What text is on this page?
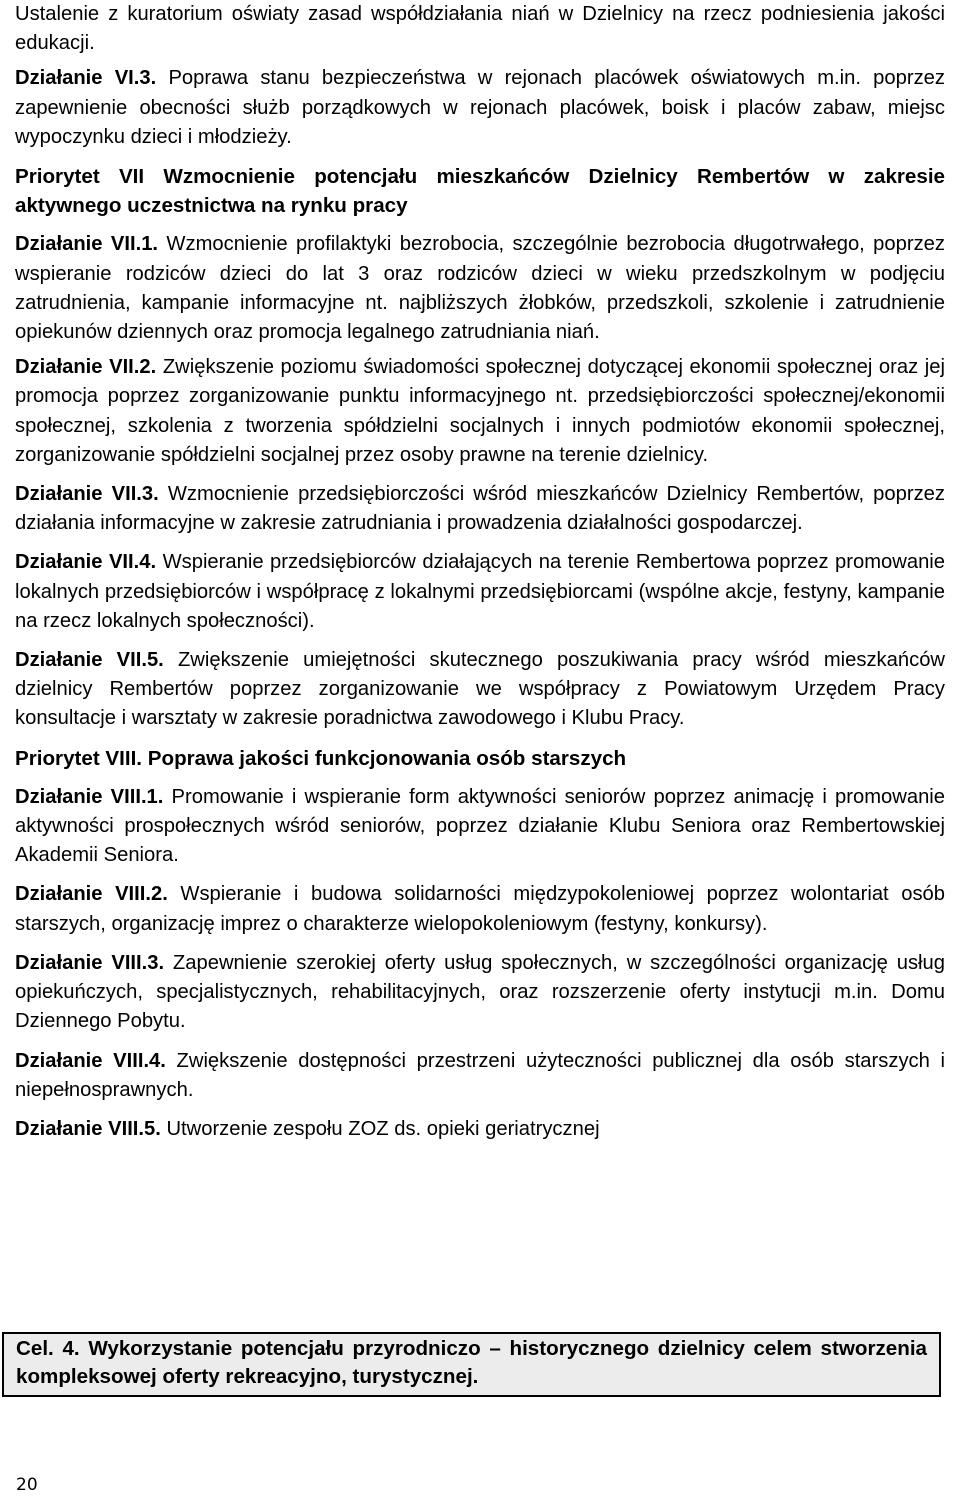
Ustalenie z kuratorium oświaty zasad współdziałania niań w Dzielnicy na rzecz podniesienia jakości edukacji.

Działanie VI.3. Poprawa stanu bezpieczeństwa w rejonach placówek oświatowych m.in. poprzez zapewnienie obecności służb porządkowych w rejonach placówek, boisk i placów zabaw, miejsc wypoczynku dzieci i młodzieży.

Priorytet VII Wzmocnienie potencjału mieszkańców Dzielnicy Rembertów w zakresie aktywnego uczestnictwa na rynku pracy

Działanie VII.1. Wzmocnienie profilaktyki bezrobocia, szczególnie bezrobocia długotrwałego, poprzez wspieranie rodziców dzieci do lat 3 oraz rodziców dzieci w wieku przedszkolnym w podjęciu zatrudnienia, kampanie informacyjne nt. najbliższych żłobków, przedszkoli, szkolenie i zatrudnienie opiekunów dziennych oraz promocja legalnego zatrudniania niań.

Działanie VII.2. Zwiększenie poziomu świadomości społecznej dotyczącej ekonomii społecznej oraz jej promocja poprzez zorganizowanie punktu informacyjnego nt. przedsiębiorczości społecznej/ekonomii społecznej, szkolenia z tworzenia spółdzielni socjalnych i innych podmiotów ekonomii społecznej, zorganizowanie spółdzielni socjalnej przez osoby prawne na terenie dzielnicy.

Działanie VII.3. Wzmocnienie przedsiębiorczości wśród mieszkańców Dzielnicy Rembertów, poprzez działania informacyjne w zakresie zatrudniania i prowadzenia działalności gospodarczej.

Działanie VII.4. Wspieranie przedsiębiorców działających na terenie Rembertowa poprzez promowanie lokalnych przedsiębiorców i współpracę z lokalnymi przedsiębiorcami (wspólne akcje, festyny, kampanie na rzecz lokalnych społeczności).

Działanie VII.5. Zwiększenie umiejętności skutecznego poszukiwania pracy wśród mieszkańców dzielnicy Rembertów poprzez zorganizowanie we współpracy z Powiatowym Urzędem Pracy konsultacje i warsztaty w zakresie poradnictwa zawodowego i Klubu Pracy.

Priorytet VIII. Poprawa jakości funkcjonowania osób starszych

Działanie VIII.1. Promowanie i wspieranie form aktywności seniorów poprzez animację i promowanie aktywności prospołecznych wśród seniorów, poprzez działanie Klubu Seniora oraz Rembertowskiej Akademii Seniora.

Działanie VIII.2. Wspieranie i budowa solidarności międzypokoleniowej poprzez wolontariat osób starszych, organizację imprez o charakterze wielopokoleniowym (festyny, konkursy).

Działanie VIII.3. Zapewnienie szerokiej oferty usług społecznych, w szczególności organizację usług opiekuńczych, specjalistycznych, rehabilitacyjnych, oraz rozszerzenie oferty instytucji m.in. Domu Dziennego Pobytu.

Działanie VIII.4. Zwiększenie dostępności przestrzeni użyteczności publicznej dla osób starszych i niepełnosprawnych.

Działanie VIII.5. Utworzenie zespołu ZOZ ds. opieki geriatrycznej

Cel. 4. Wykorzystanie potencjału przyrodniczo – historycznego dzielnicy celem stworzenia kompleksowej oferty rekreacyjno, turystycznej.

20
